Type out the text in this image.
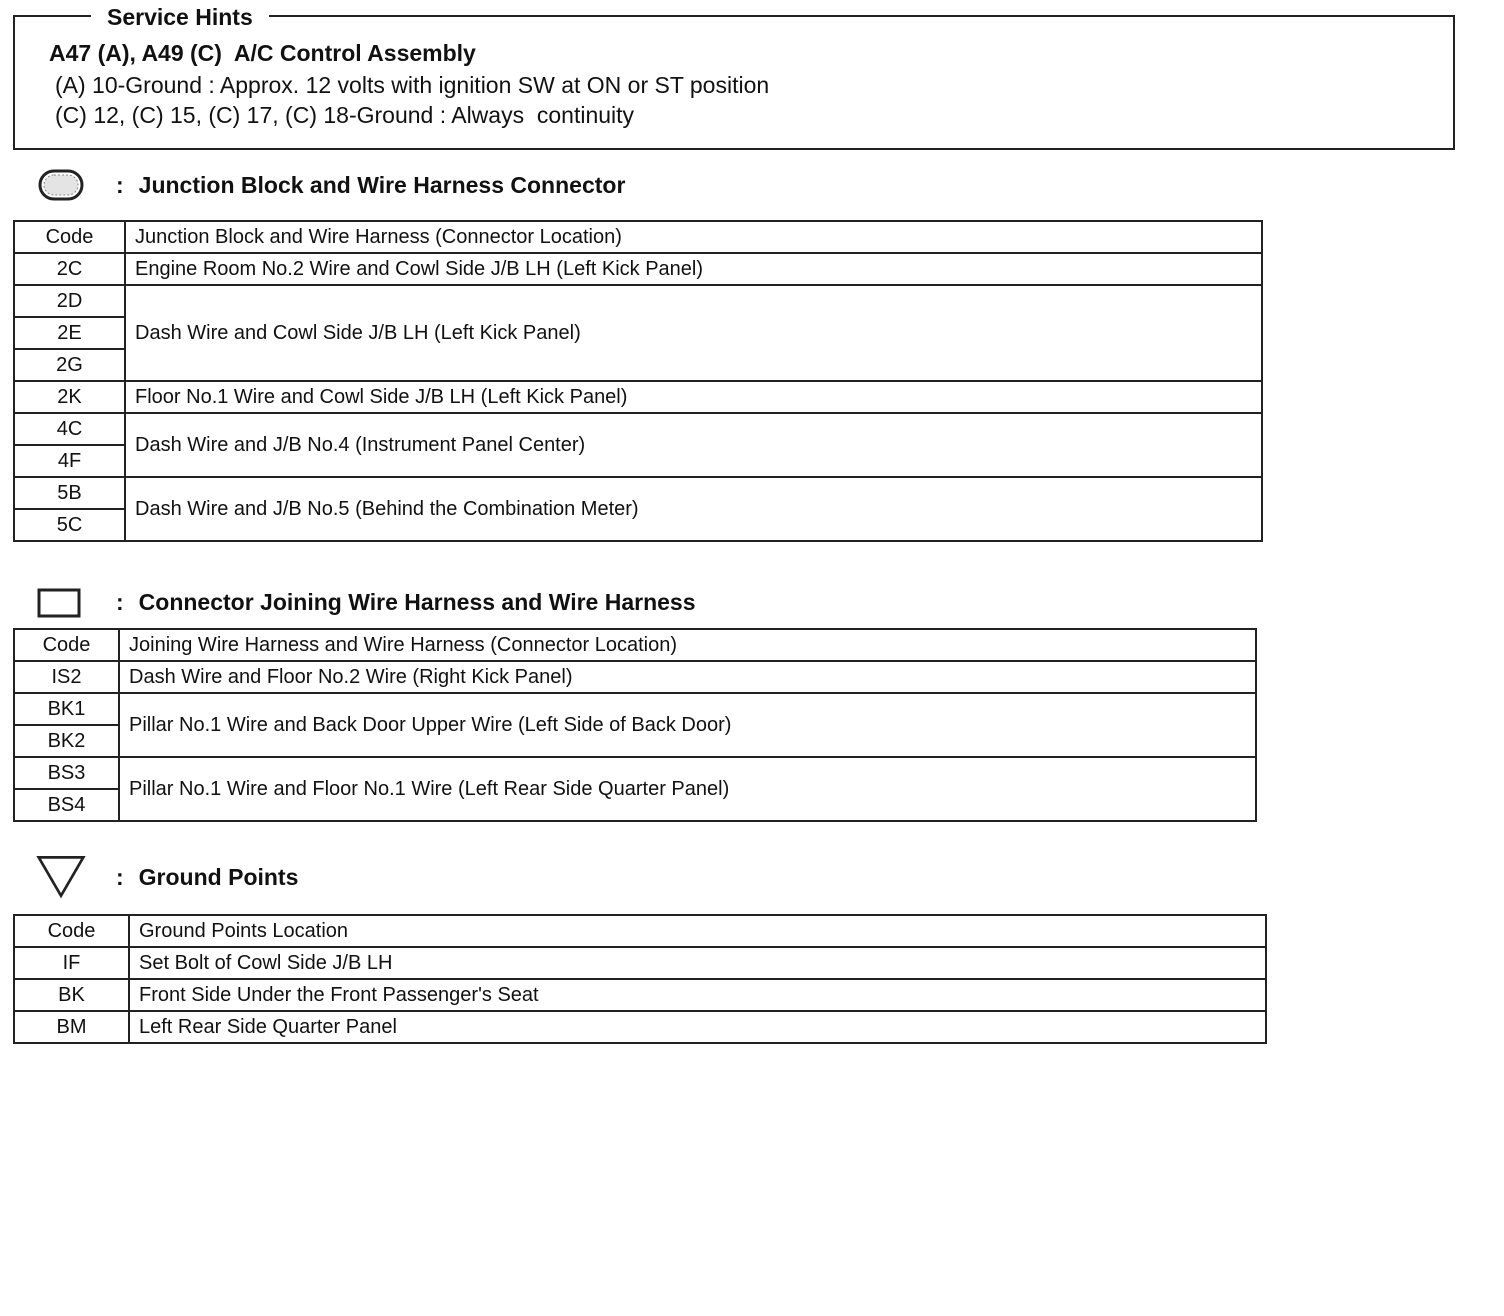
Service Hints
A47 (A), A49 (C)  A/C Control Assembly
(A) 10-Ground : Approx. 12 volts with ignition SW at ON or ST position
(C) 12, (C) 15, (C) 17, (C) 18-Ground : Always  continuity
: Junction Block and Wire Harness Connector
Code	Junction Block and Wire Harness (Connector Location)
2C	Engine Room No.2 Wire and Cowl Side J/B LH (Left Kick Panel)
2D	Dash Wire and Cowl Side J/B LH (Left Kick Panel)
2E	
2G	
2K	Floor No.1 Wire and Cowl Side J/B LH (Left Kick Panel)
4C	Dash Wire and J/B No.4 (Instrument Panel Center)
4F	
5B	Dash Wire and J/B No.5 (Behind the Combination Meter)
5C	
: Connector Joining Wire Harness and Wire Harness
Code	Joining Wire Harness and Wire Harness (Connector Location)
IS2	Dash Wire and Floor No.2 Wire (Right Kick Panel)
BK1	Pillar No.1 Wire and Back Door Upper Wire (Left Side of Back Door)
BK2	
BS3	Pillar No.1 Wire and Floor No.1 Wire (Left Rear Side Quarter Panel)
BS4	
: Ground Points
Code	Ground Points Location
IF	Set Bolt of Cowl Side J/B LH
BK	Front Side Under the Front Passenger's Seat
BM	Left Rear Side Quarter Panel
